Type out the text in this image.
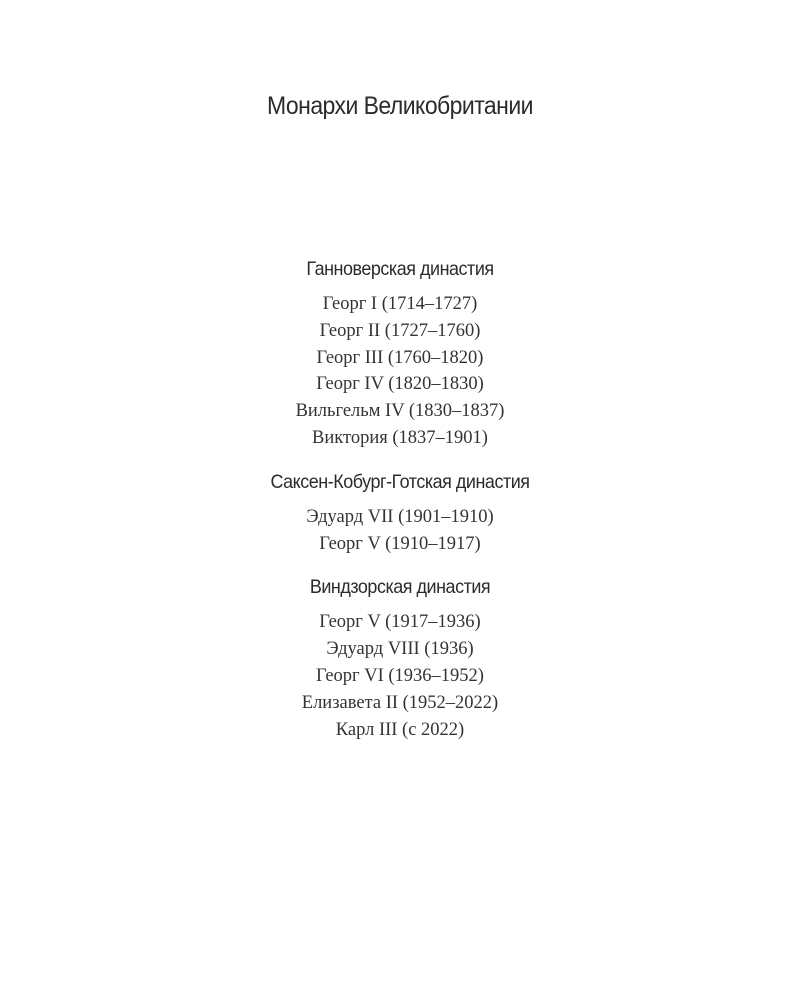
Монархи Великобритании
Ганноверская династия
Георг I (1714–1727)
Георг II (1727–1760)
Георг III (1760–1820)
Георг IV (1820–1830)
Вильгельм IV (1830–1837)
Виктория (1837–1901)
Саксен-Кобург-Готская династия
Эдуард VII (1901–1910)
Георг V (1910–1917)
Виндзорская династия
Георг V (1917–1936)
Эдуард VIII (1936)
Георг VI (1936–1952)
Елизавета II (1952–2022)
Карл III (с 2022)
